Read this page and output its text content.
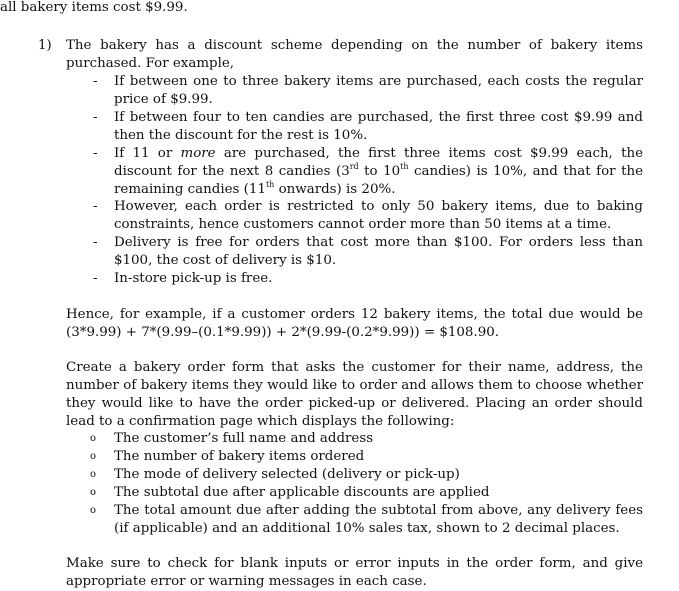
all bakery items cost $9.99.
1) The bakery has a discount scheme depending on the number of bakery items purchased. For example,
- If between one to three bakery items are purchased, each costs the regular price of $9.99.
- If between four to ten candies are purchased, the first three cost $9.99 and then the discount for the rest is 10%.
- If 11 or more are purchased, the first three items cost $9.99 each, the discount for the next 8 candies (3rd to 10th candies) is 10%, and that for the remaining candies (11th onwards) is 20%.
- However, each order is restricted to only 50 bakery items, due to baking constraints, hence customers cannot order more than 50 items at a time.
- Delivery is free for orders that cost more than $100. For orders less than $100, the cost of delivery is $10.
- In-store pick-up is free.
Hence, for example, if a customer orders 12 bakery items, the total due would be (3*9.99) + 7*(9.99–(0.1*9.99)) + 2*(9.99-(0.2*9.99)) = $108.90.
Create a bakery order form that asks the customer for their name, address, the number of bakery items they would like to order and allows them to choose whether they would like to have the order picked-up or delivered. Placing an order should lead to a confirmation page which displays the following:
o The customer’s full name and address
o The number of bakery items ordered
o The mode of delivery selected (delivery or pick-up)
o The subtotal due after applicable discounts are applied
o The total amount due after adding the subtotal from above, any delivery fees (if applicable) and an additional 10% sales tax, shown to 2 decimal places.
Make sure to check for blank inputs or error inputs in the order form, and give appropriate error or warning messages in each case.
